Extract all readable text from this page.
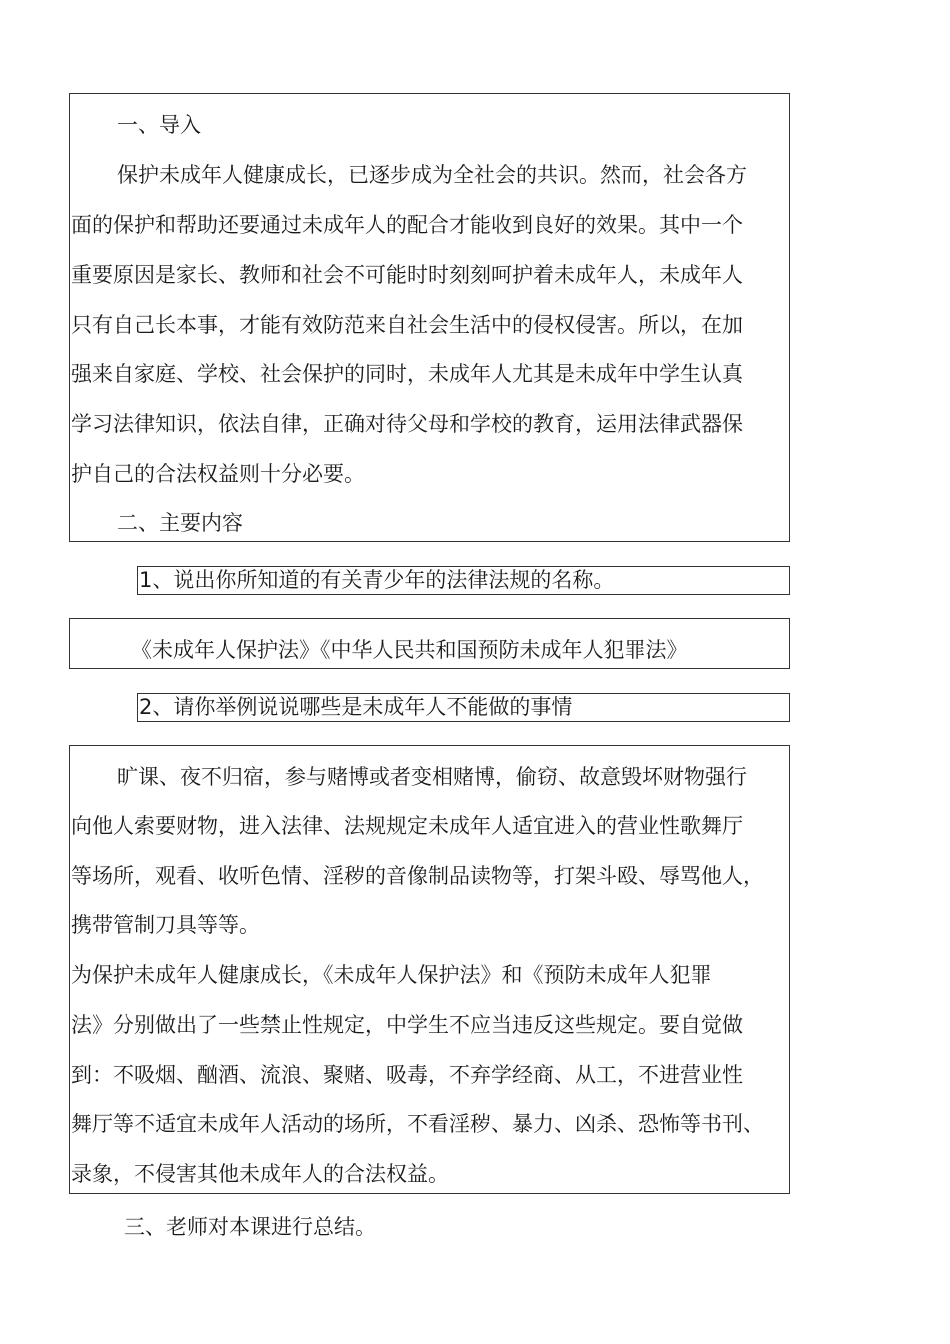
一、导入
保护未成年人健康成长，已逐步成为全社会的共识。然而，社会各方
面的保护和帮助还要通过未成年人的配合才能收到良好的效果。其中一个
重要原因是家长、教师和社会不可能时时刻刻呵护着未成年人，未成年人
只有自己长本事，才能有效防范来自社会生活中的侵权侵害。所以，在加
强来自家庭、学校、社会保护的同时，未成年人尤其是未成年中学生认真
学习法律知识，依法自律，正确对待父母和学校的教育，运用法律武器保
护自己的合法权益则十分必要。
二、主要内容
1、说出你所知道的有关青少年的法律法规的名称。
《未成年人保护法》《中华人民共和国预防未成年人犯罪法》
2、请你举例说说哪些是未成年人不能做的事情
旷课、夜不归宿，参与赌博或者变相赌博，偷窃、故意毁坏财物强行
向他人索要财物，进入法律、法规规定未成年人适宜进入的营业性歌舞厅
等场所，观看、收听色情、淫秽的音像制品读物等，打架斗殴、辱骂他人，
携带管制刀具等等。
为保护未成年人健康成长，《未成年人保护法》和《预防未成年人犯罪
法》分别做出了一些禁止性规定，中学生不应当违反这些规定。要自觉做
到：不吸烟、酗酒、流浪、聚赌、吸毒，不弃学经商、从工，不进营业性
舞厅等不适宜未成年人活动的场所，不看淫秽、暴力、凶杀、恐怖等书刊、
录象，不侵害其他未成年人的合法权益。
三、老师对本课进行总结。
